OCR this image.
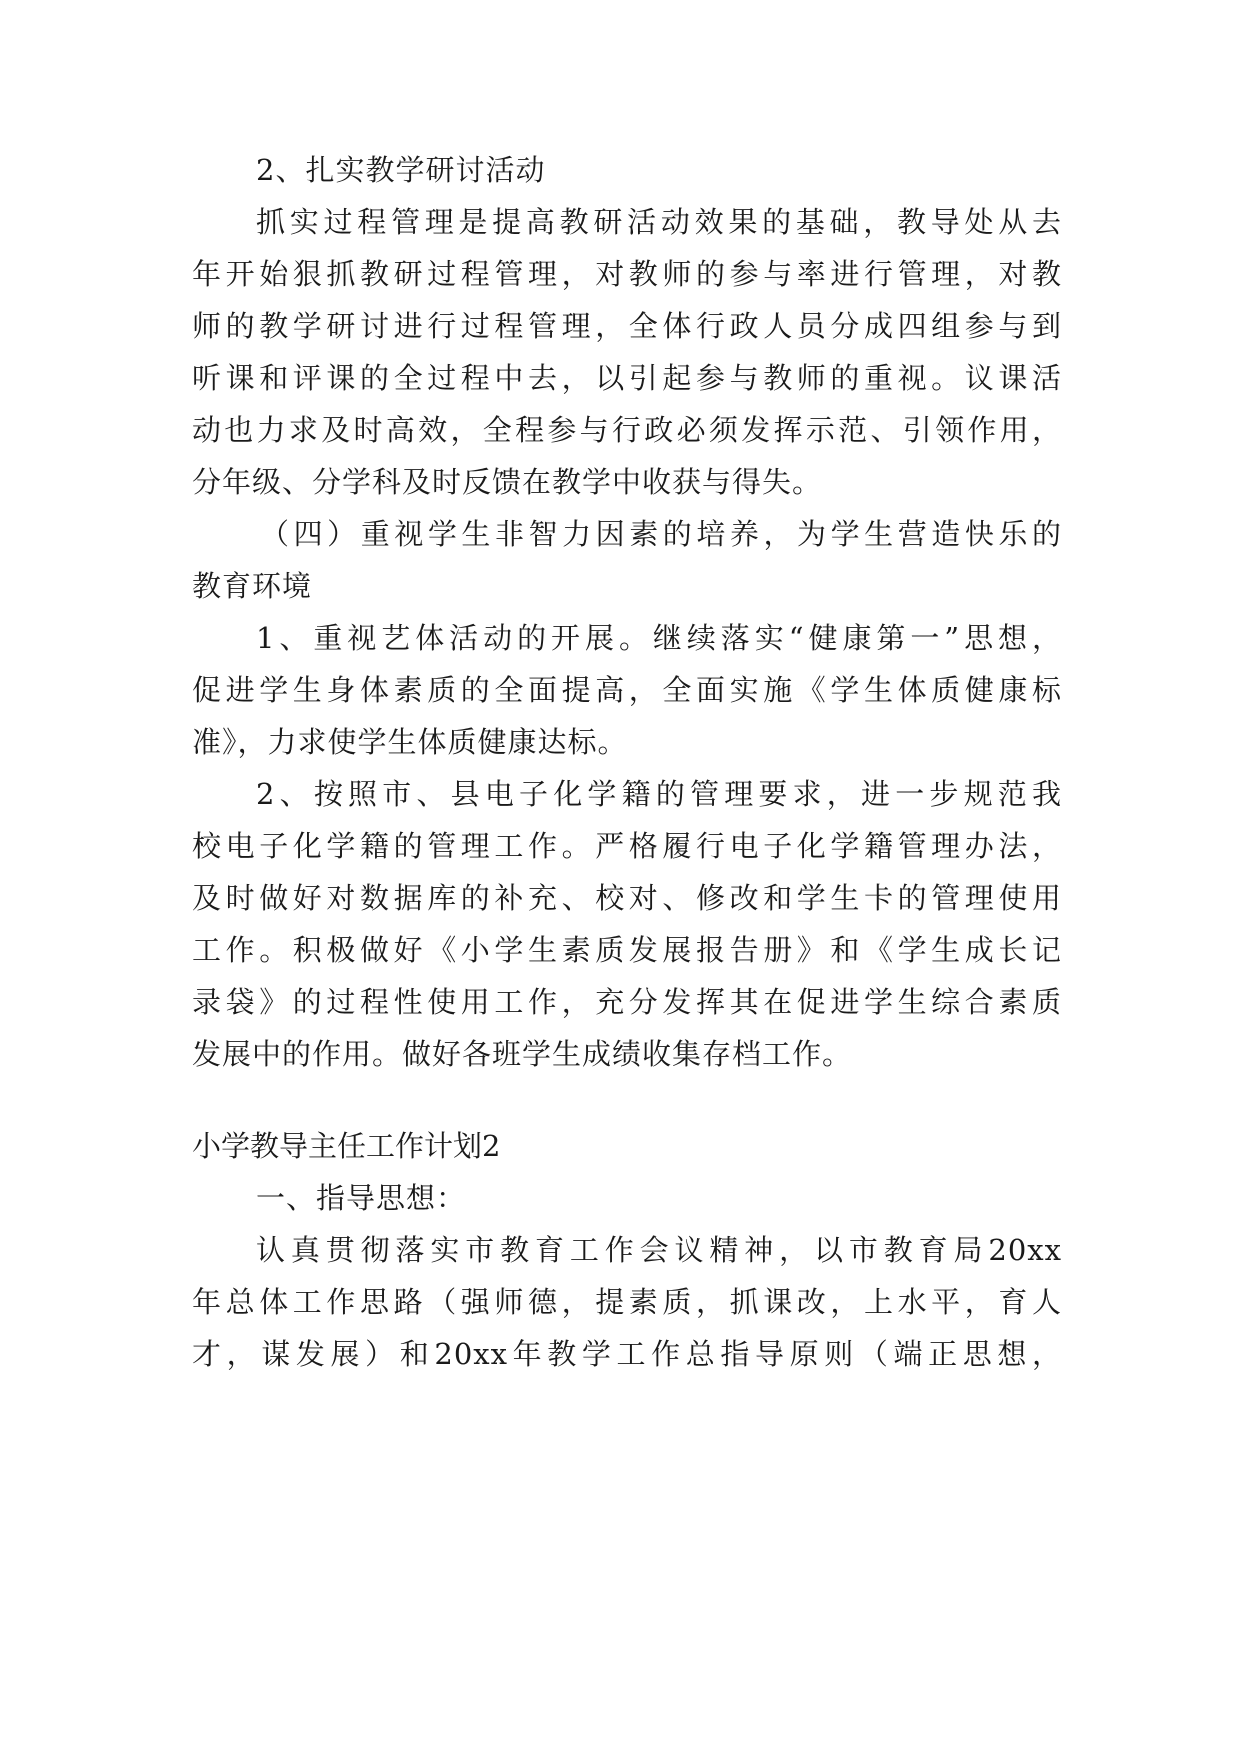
2、扎实教学研讨活动
抓实过程管理是提高教研活动效果的基础，教导处从去
年开始狠抓教研过程管理，对教师的参与率进行管理，对教
师的教学研讨进行过程管理，全体行政人员分成四组参与到
听课和评课的全过程中去，以引起参与教师的重视。议课活
动也力求及时高效，全程参与行政必须发挥示范、引领作用，
分年级、分学科及时反馈在教学中收获与得失。
（四）重视学生非智力因素的培养，为学生营造快乐的
教育环境
1、重视艺体活动的开展。继续落实“健康第一”思想，
促进学生身体素质的全面提高，全面实施《学生体质健康标
准》，力求使学生体质健康达标。
2、按照市、县电子化学籍的管理要求，进一步规范我
校电子化学籍的管理工作。严格履行电子化学籍管理办法，
及时做好对数据库的补充、校对、修改和学生卡的管理使用
工作。积极做好《小学生素质发展报告册》和《学生成长记
录袋》的过程性使用工作，充分发挥其在促进学生综合素质
发展中的作用。做好各班学生成绩收集存档工作。
小学教导主任工作计划2
一、指导思想：
认真贯彻落实市教育工作会议精神，以市教育局20xx
年总体工作思路（强师德，提素质，抓课改，上水平，育人
才，谋发展）和20xx年教学工作总指导原则（端正思想，
